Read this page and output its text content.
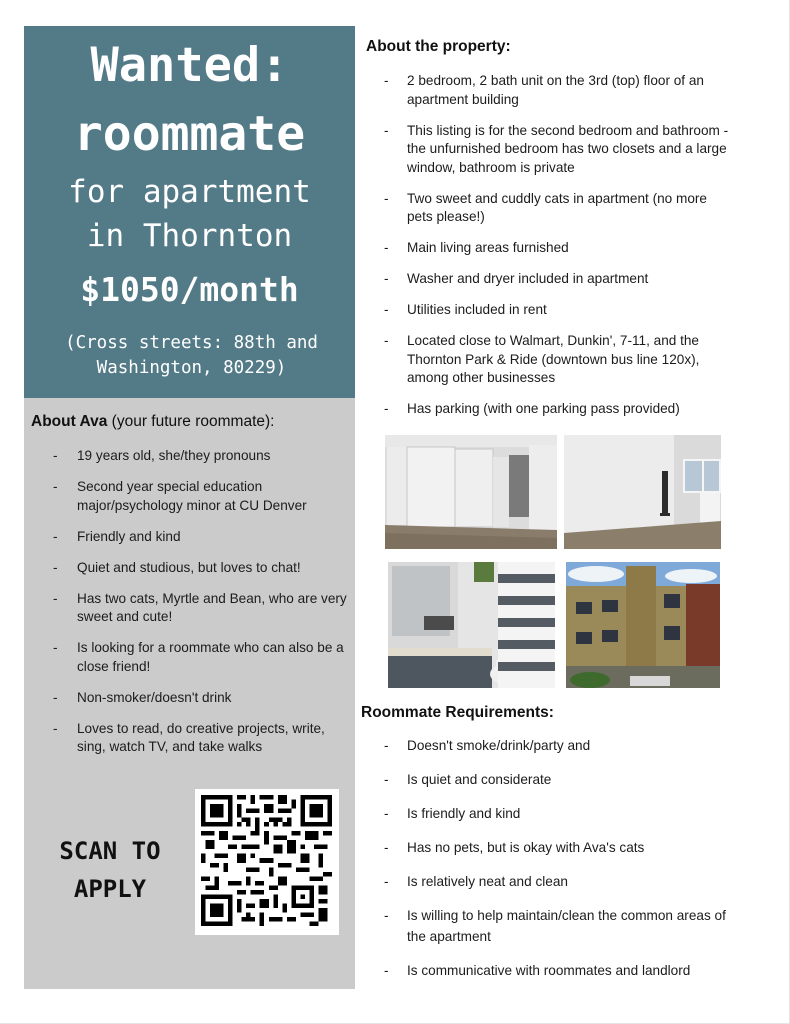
Wanted:
roommate
for apartment
in Thornton
$1050/month
(Cross streets: 88th and
Washington, 80229)
About Ava (your future roommate):
- 19 years old, she/they pronouns
- Second year special education major/psychology minor at CU Denver
- Friendly and kind
- Quiet and studious, but loves to chat!
- Has two cats, Myrtle and Bean, who are very sweet and cute!
- Is looking for a roommate who can also be a close friend!
- Non-smoker/doesn't drink
- Loves to read, do creative projects, write, sing, watch TV, and take walks
SCAN TO
APPLY
About the property:
- 2 bedroom, 2 bath unit on the 3rd (top) floor of an apartment building
- This listing is for the second bedroom and bathroom - the unfurnished bedroom has two closets and a large window, bathroom is private
- Two sweet and cuddly cats in apartment (no more pets please!)
- Main living areas furnished
- Washer and dryer included in apartment
- Utilities included in rent
- Located close to Walmart, Dunkin', 7-11, and the Thornton Park & Ride (downtown bus line 120x), among other businesses
- Has parking (with one parking pass provided)
Roommate Requirements:
- Doesn't smoke/drink/party and
- Is quiet and considerate
- Is friendly and kind
- Has no pets, but is okay with Ava's cats
- Is relatively neat and clean
- Is willing to help maintain/clean the common areas of the apartment
- Is communicative with roommates and landlord
